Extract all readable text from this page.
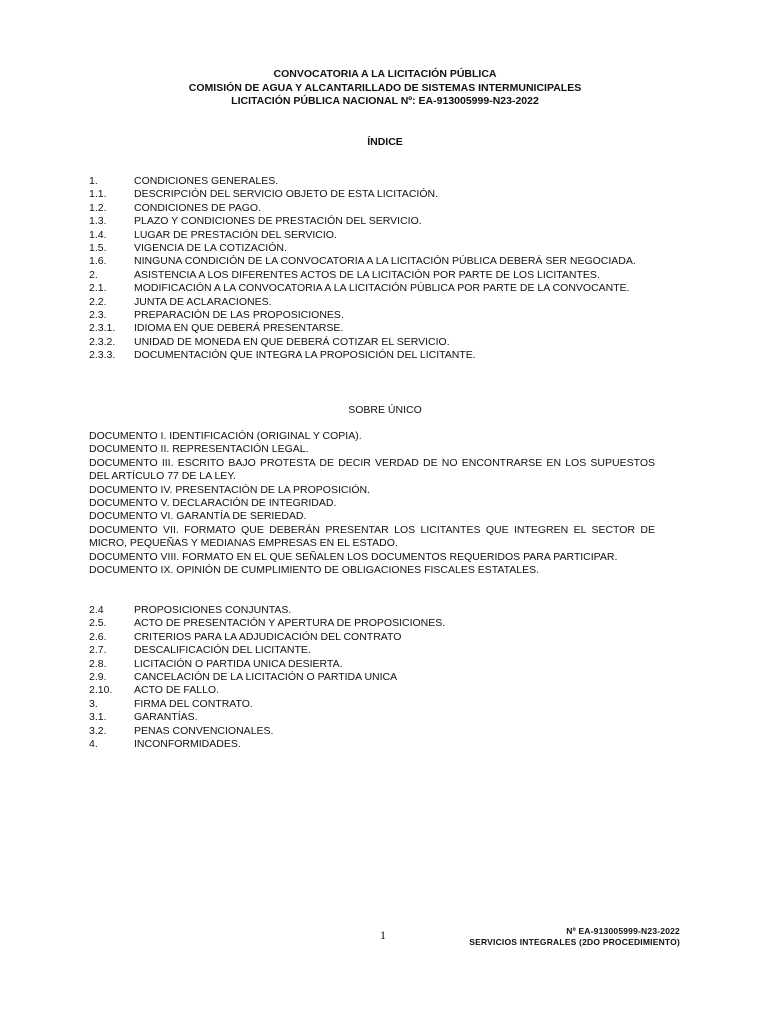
CONVOCATORIA A LA LICITACIÓN PÚBLICA
COMISIÓN DE AGUA Y ALCANTARILLADO DE SISTEMAS INTERMUNICIPALES
LICITACIÓN PÚBLICA NACIONAL Nº: EA-913005999-N23-2022
ÍNDICE
1.	CONDICIONES GENERALES.
1.1.	DESCRIPCIÓN DEL SERVICIO OBJETO DE ESTA LICITACIÓN.
1.2.	CONDICIONES DE PAGO.
1.3.	PLAZO Y CONDICIONES DE PRESTACIÓN DEL SERVICIO.
1.4.	LUGAR DE PRESTACIÓN DEL SERVICIO.
1.5.	VIGENCIA DE LA COTIZACIÓN.
1.6.	NINGUNA CONDICIÓN DE LA CONVOCATORIA A LA LICITACIÓN PÚBLICA DEBERÁ SER NEGOCIADA.
2.	ASISTENCIA A LOS DIFERENTES ACTOS DE LA LICITACIÓN POR PARTE DE LOS LICITANTES.
2.1.	MODIFICACIÓN A LA CONVOCATORIA A LA LICITACIÓN PÚBLICA POR PARTE DE LA CONVOCANTE.
2.2.	JUNTA DE ACLARACIONES.
2.3.	PREPARACIÓN DE LAS PROPOSICIONES.
2.3.1.	IDIOMA EN QUE DEBERÁ PRESENTARSE.
2.3.2.	UNIDAD DE MONEDA EN QUE DEBERÁ COTIZAR EL SERVICIO.
2.3.3.	DOCUMENTACIÓN QUE INTEGRA LA PROPOSICIÓN DEL LICITANTE.
SOBRE ÚNICO
DOCUMENTO I. IDENTIFICACIÓN (ORIGINAL Y COPIA).
DOCUMENTO II. REPRESENTACIÓN LEGAL.
DOCUMENTO III. ESCRITO BAJO PROTESTA DE DECIR VERDAD DE NO ENCONTRARSE EN LOS SUPUESTOS DEL ARTÍCULO 77 DE LA LEY.
DOCUMENTO IV. PRESENTACIÓN DE LA PROPOSICIÓN.
DOCUMENTO V. DECLARACIÓN DE INTEGRIDAD.
DOCUMENTO VI. GARANTÍA DE SERIEDAD.
DOCUMENTO VII. FORMATO QUE DEBERÁN PRESENTAR LOS LICITANTES QUE INTEGREN EL SECTOR DE MICRO, PEQUEÑAS Y MEDIANAS EMPRESAS EN EL ESTADO.
DOCUMENTO VIII. FORMATO EN EL QUE SEÑALEN LOS DOCUMENTOS REQUERIDOS PARA PARTICIPAR.
DOCUMENTO IX. OPINIÓN DE CUMPLIMIENTO DE OBLIGACIONES FISCALES ESTATALES.
2.4	PROPOSICIONES CONJUNTAS.
2.5.	ACTO DE PRESENTACIÓN Y APERTURA DE PROPOSICIONES.
2.6.	CRITERIOS PARA LA ADJUDICACIÓN DEL CONTRATO
2.7.	DESCALIFICACIÓN DEL LICITANTE.
2.8.	LICITACIÓN O PARTIDA UNICA DESIERTA.
2.9.	CANCELACIÓN DE LA LICITACIÓN O PARTIDA UNICA
2.10.	ACTO DE FALLO.
3.	FIRMA DEL CONTRATO.
3.1.	GARANTÍAS.
3.2.	PENAS CONVENCIONALES.
4.	INCONFORMIDADES.
1	Nº EA-913005999-N23-2022
SERVICIOS INTEGRALES (2DO PROCEDIMIENTO)
